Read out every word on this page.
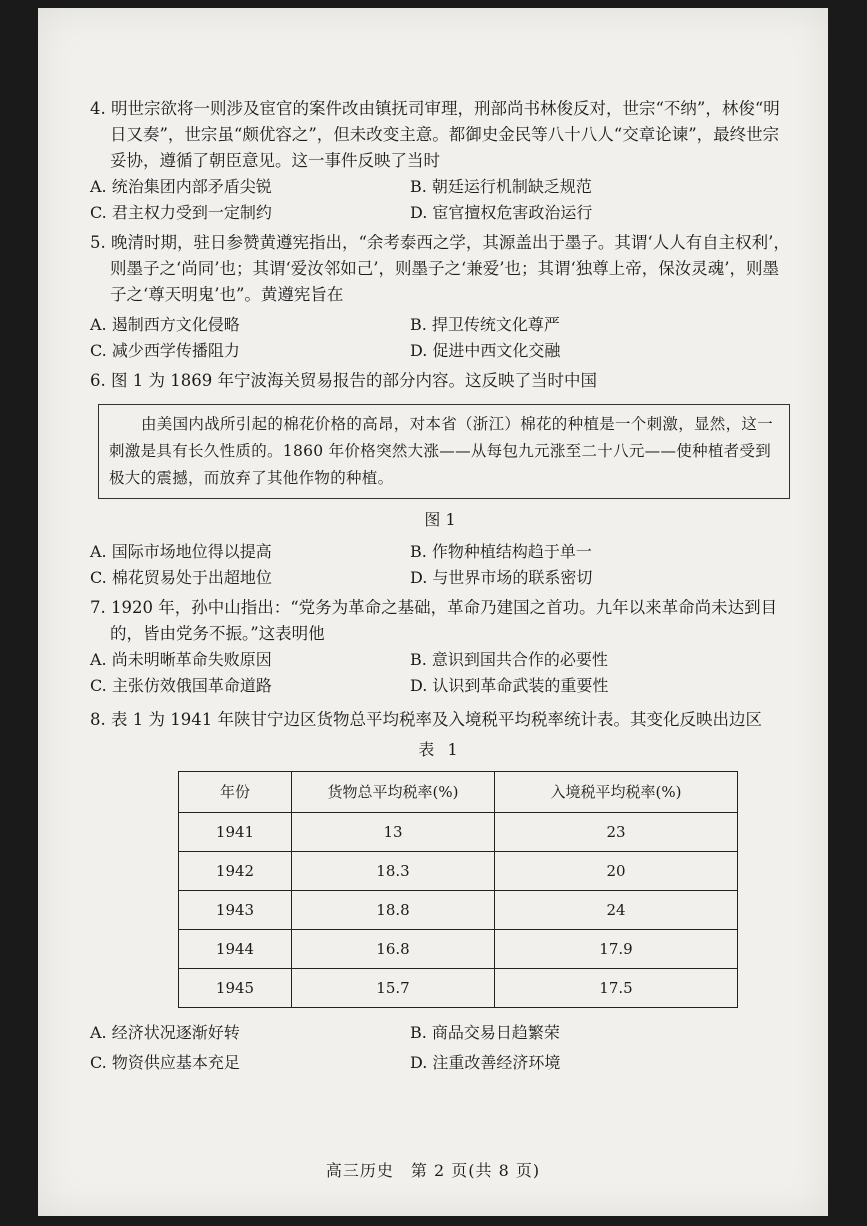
4. 明世宗欲将一则涉及宦官的案件改由镇抚司审理，刑部尚书林俊反对，世宗“不纳”，林俊“明日又奏”，世宗虽“颇优容之”，但未改变主意。都御史金民等八十八人“交章论谏”，最终世宗妥协，遵循了朝臣意见。这一事件反映了当时
A. 统治集团内部矛盾尖锐	B. 朝廷运行机制缺乏规范
C. 君主权力受到一定制约	D. 宦官擅权危害政治运行
5. 晚清时期，驻日参赞黄遵宪指出，“余考泰西之学，其源盖出于墨子。其谓‘人人有自主权利’，则墨子之‘尚同’也；其谓‘爱汝邻如己’，则墨子之‘兼爱’也；其谓‘独尊上帝，保汝灵魂’，则墨子之‘尊天明鬼’也”。黄遵宪旨在
A. 遏制西方文化侵略	B. 捍卫传统文化尊严
C. 减少西学传播阻力	D. 促进中西文化交融
6. 图 1 为 1869 年宁波海关贸易报告的部分内容。这反映了当时中国
由美国内战所引起的棉花价格的高昂，对本省（浙江）棉花的种植是一个刺激，显然，这一刺激是具有长久性质的。1860 年价格突然大涨——从每包九元涨至二十八元——使种植者受到极大的震撼，而放弃了其他作物的种植。
图 1
A. 国际市场地位得以提高	B. 作物种植结构趋于单一
C. 棉花贸易处于出超地位	D. 与世界市场的联系密切
7. 1920 年，孙中山指出：“党务为革命之基础，革命乃建国之首功。九年以来革命尚未达到目的，皆由党务不振。”这表明他
A. 尚未明晰革命失败原因	B. 意识到国共合作的必要性
C. 主张仿效俄国革命道路	D. 认识到革命武装的重要性
8. 表 1 为 1941 年陕甘宁边区货物总平均税率及入境税平均税率统计表。其变化反映出边区
表 1
年份	货物总平均税率(%)	入境税平均税率(%)
1941	13	23
1942	18.3	20
1943	18.8	24
1944	16.8	17.9
1945	15.7	17.5
A. 经济状况逐渐好转	B. 商品交易日趋繁荣
C. 物资供应基本充足	D. 注重改善经济环境
高三历史　第 2 页(共 8 页)
